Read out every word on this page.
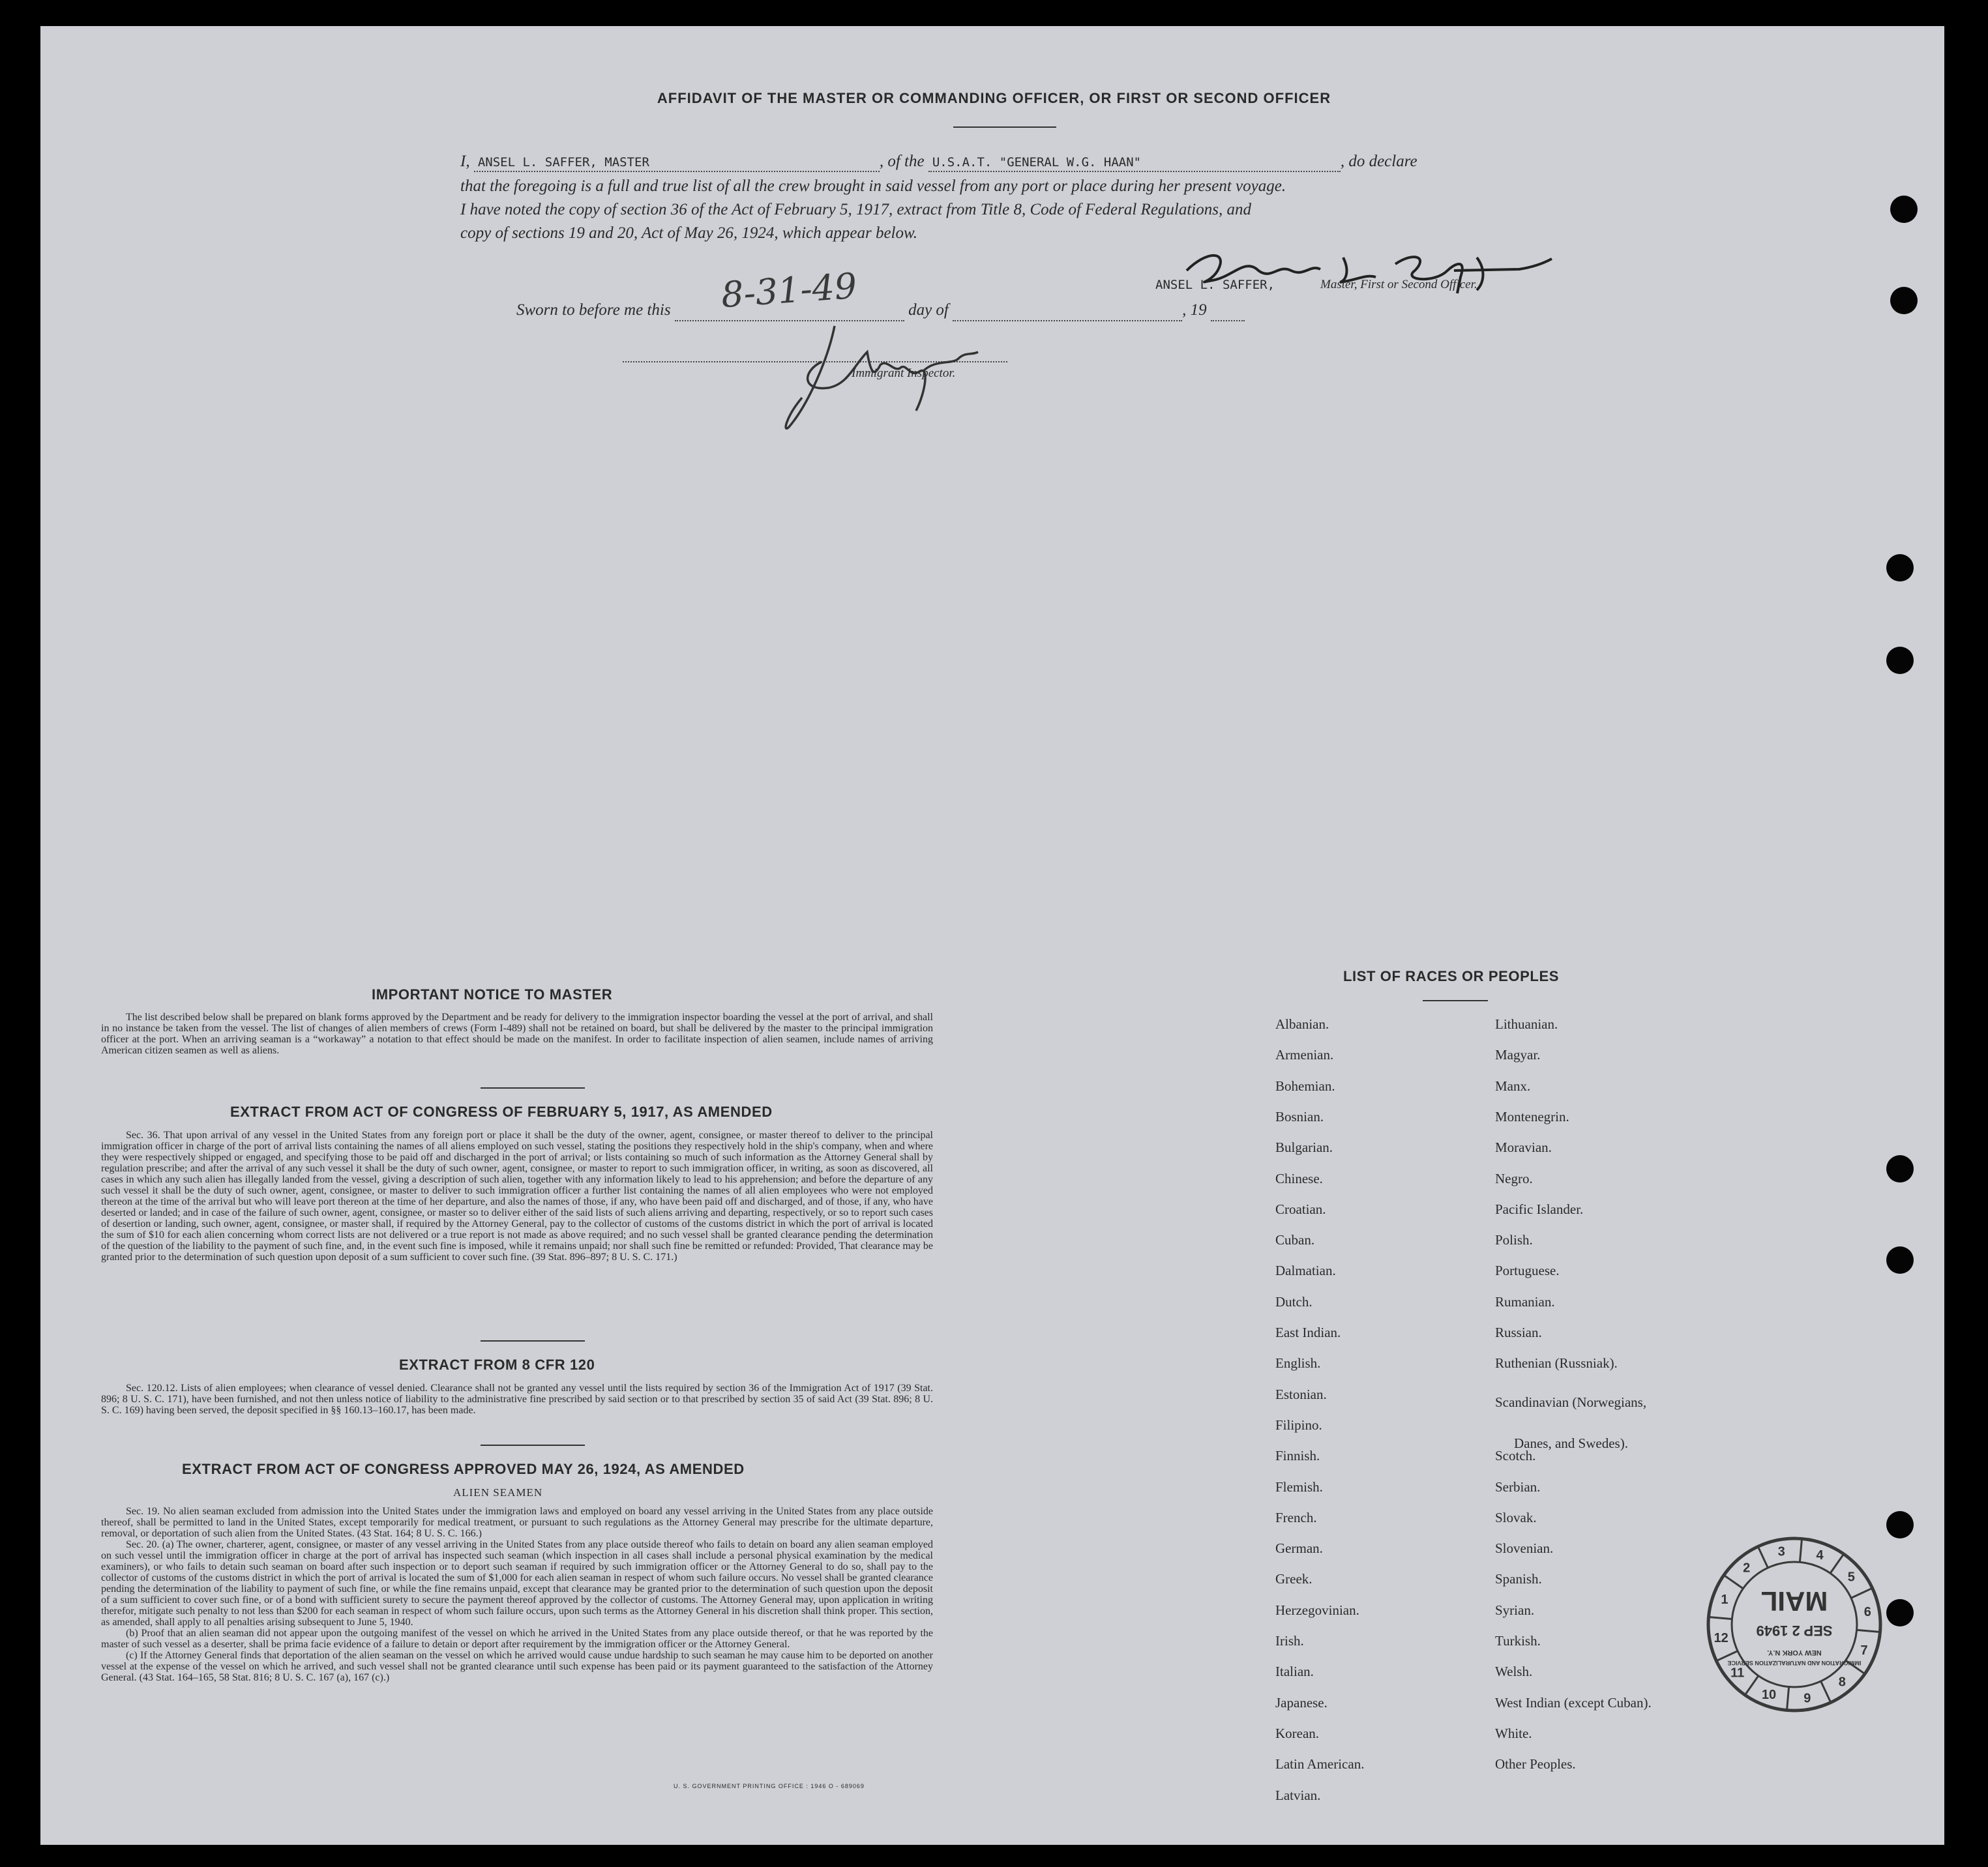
AFFIDAVIT OF THE MASTER OR COMMANDING OFFICER, OR FIRST OR SECOND OFFICER
I, ANSEL L. SAFFER, MASTER	, of the U.S.A.T. "GENERAL W.G. HAAN"	, do declare
that the foregoing is a full and true list of all the crew brought in said vessel from any port or place during her present voyage.
I have noted the copy of section 36 of the Act of February 5, 1917, extract from Title 8, Code of Federal Regulations, and
copy of sections 19 and 20, Act of May 26, 1924, which appear below.
Sworn to before me this	day of	, 19
8-31-49	ANSEL L. SAFFER,	Master, First or Second Officer.
Immigrant Inspector.
IMPORTANT NOTICE TO MASTER

The list described below shall be prepared on blank forms approved by the Department and be ready for delivery to the immigration inspector boarding the vessel at the port of arrival, and shall in no instance be taken from the vessel. The list of changes of alien members of crews (Form I-489) shall not be retained on board, but shall be delivered by the master to the principal immigration officer at the port. When an arriving seaman is a “workaway” a notation to that effect should be made on the manifest. In order to facilitate inspection of alien seamen, include names of arriving American citizen seamen as well as aliens.

EXTRACT FROM ACT OF CONGRESS OF FEBRUARY 5, 1917, AS AMENDED

Sec. 36. That upon arrival of any vessel in the United States from any foreign port or place it shall be the duty of the owner, agent, consignee, or master thereof to deliver to the principal immigration officer in charge of the port of arrival lists containing the names of all aliens employed on such vessel, stating the positions they respectively hold in the ship's company, when and where they were respectively shipped or engaged, and specifying those to be paid off and discharged in the port of arrival; or lists containing so much of such information as the Attorney General shall by regulation prescribe; and after the arrival of any such vessel it shall be the duty of such owner, agent, consignee, or master to report to such immigration officer, in writing, as soon as discovered, all cases in which any such alien has illegally landed from the vessel, giving a description of such alien, together with any information likely to lead to his apprehension; and before the departure of any such vessel it shall be the duty of such owner, agent, consignee, or master to deliver to such immigration officer a further list containing the names of all alien employees who were not employed thereon at the time of the arrival but who will leave port thereon at the time of her departure, and also the names of those, if any, who have been paid off and discharged, and of those, if any, who have deserted or landed; and in case of the failure of such owner, agent, consignee, or master so to deliver either of the said lists of such aliens arriving and departing, respectively, or so to report such cases of desertion or landing, such owner, agent, consignee, or master shall, if required by the Attorney General, pay to the collector of customs of the customs district in which the port of arrival is located the sum of $10 for each alien concerning whom correct lists are not delivered or a true report is not made as above required; and no such vessel shall be granted clearance pending the determination of the question of the liability to the payment of such fine, and, in the event such fine is imposed, while it remains unpaid; nor shall such fine be remitted or refunded: Provided, That clearance may be granted prior to the determination of such question upon deposit of a sum sufficient to cover such fine. (39 Stat. 896–897; 8 U. S. C. 171.)

EXTRACT FROM 8 CFR 120

Sec. 120.12. Lists of alien employees; when clearance of vessel denied. Clearance shall not be granted any vessel until the lists required by section 36 of the Immigration Act of 1917 (39 Stat. 896; 8 U. S. C. 171), have been furnished, and not then unless notice of liability to the administrative fine prescribed by said section or to that prescribed by section 35 of said Act (39 Stat. 896; 8 U. S. C. 169) having been served, the deposit specified in §§ 160.13–160.17, has been made.

EXTRACT FROM ACT OF CONGRESS APPROVED MAY 26, 1924, AS AMENDED
ALIEN SEAMEN

Sec. 19. No alien seaman excluded from admission into the United States under the immigration laws and employed on board any vessel arriving in the United States from any place outside thereof, shall be permitted to land in the United States, except temporarily for medical treatment, or pursuant to such regulations as the Attorney General may prescribe for the ultimate departure, removal, or deportation of such alien from the United States. (43 Stat. 164; 8 U. S. C. 166.)

Sec. 20. (a) The owner, charterer, agent, consignee, or master of any vessel arriving in the United States from any place outside thereof who fails to detain on board any alien seaman employed on such vessel until the immigration officer in charge at the port of arrival has inspected such seaman (which inspection in all cases shall include a personal physical examination by the medical examiners), or who fails to detain such seaman on board after such inspection or to deport such seaman if required by such immigration officer or the Attorney General to do so, shall pay to the collector of customs of the customs district in which the port of arrival is located the sum of $1,000 for each alien seaman in respect of whom such failure occurs. No vessel shall be granted clearance pending the determination of the liability to payment of such fine, or while the fine remains unpaid, except that clearance may be granted prior to the determination of such question upon the deposit of a sum sufficient to cover such fine, or of a bond with sufficient surety to secure the payment thereof approved by the collector of customs. The Attorney General may, upon application in writing therefor, mitigate such penalty to not less than $200 for each seaman in respect of whom such failure occurs, upon such terms as the Attorney General in his discretion shall think proper. This section, as amended, shall apply to all penalties arising subsequent to June 5, 1940.

(b) Proof that an alien seaman did not appear upon the outgoing manifest of the vessel on which he arrived in the United States from any place outside thereof, or that he was reported by the master of such vessel as a deserter, shall be prima facie evidence of a failure to detain or deport after requirement by the immigration officer or the Attorney General.

(c) If the Attorney General finds that deportation of the alien seaman on the vessel on which he arrived would cause undue hardship to such seaman he may cause him to be deported on another vessel at the expense of the vessel on which he arrived, and such vessel shall not be granted clearance until such expense has been paid or its payment guaranteed to the satisfaction of the Attorney General. (43 Stat. 164–165, 58 Stat. 816; 8 U. S. C. 167 (a), 167 (c).)

U. S. GOVERNMENT PRINTING OFFICE : 1946 O - 689069
LIST OF RACES OR PEOPLES
Albanian.
Armenian.
Bohemian.
Bosnian.
Bulgarian.
Chinese.
Croatian.
Cuban.
Dalmatian.
Dutch.
East Indian.
English.
Estonian.
Filipino.
Finnish.
Flemish.
French.
German.
Greek.
Herzegovinian.
Irish.
Italian.
Japanese.
Korean.
Latin American.
Latvian.
Lithuanian.
Magyar.
Manx.
Montenegrin.
Moravian.
Negro.
Pacific Islander.
Polish.
Portuguese.
Rumanian.
Russian.
Ruthenian (Russniak).
Scandinavian (Norwegians,
Danes, and Swedes).
Scotch.
Serbian.
Slovak.
Slovenian.
Spanish.
Syrian.
Turkish.
Welsh.
West Indian (except Cuban).
White.
Other Peoples.
1
2
3 4
5
6
7
8
9
10
11
12
IMMIGRATION AND NATURALIZATION SERVICE
NEW YORK N.Y.
SEP 2 1949
MAIL
